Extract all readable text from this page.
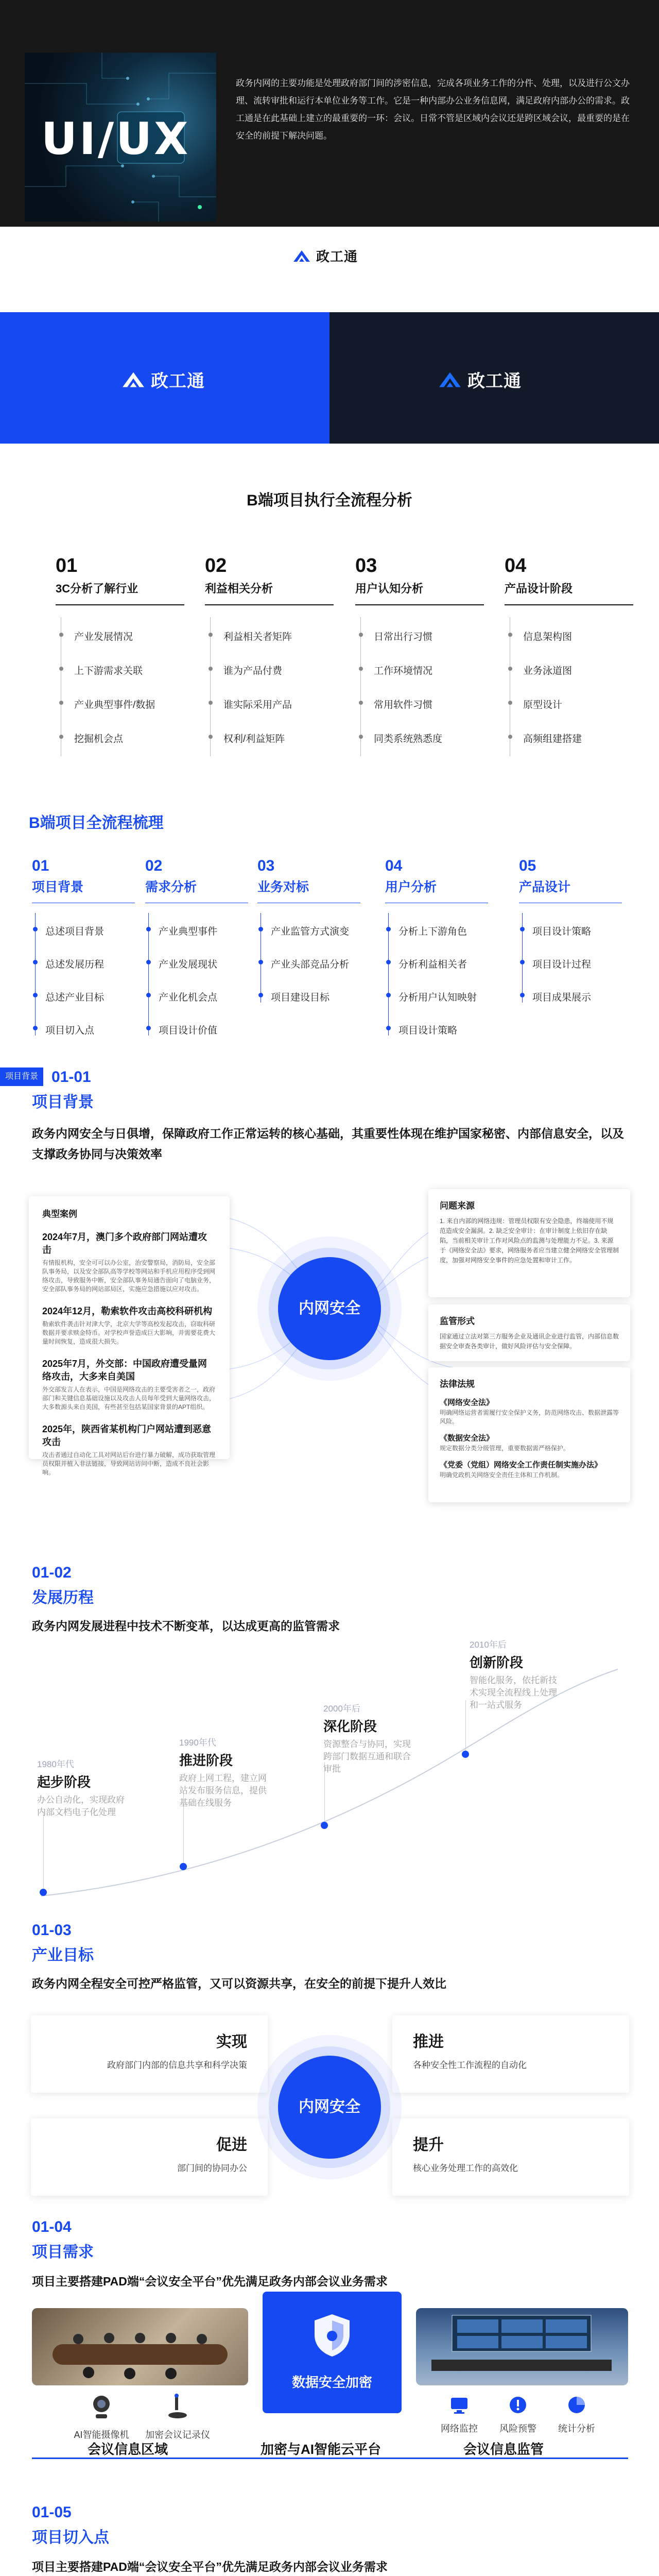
UI/UX

政务内网的主要功能是处理政府部门间的涉密信息，完成各项业务工作的分件、处理，以及进行公文办理、流转审批和运行本单位业务等工作。它是一种内部办公业务信息网，满足政府内部办公的需求。政工通是在此基础上建立的最重要的一环：会议。日常不管是区域内会议还是跨区域会议，最重要的是在安全的前提下解决问题。

政工通
政工通	政工通
B端项目执行全流程分析
01
3C分析了解行业
产业发展情况
上下游需求关联
产业典型事件/数据
挖掘机会点
02
利益相关分析
利益相关者矩阵
谁为产品付费
谁实际采用产品
权利/利益矩阵
03
用户认知分析
日常出行习惯
工作环境情况
常用软件习惯
同类系统熟悉度
04
产品设计阶段
信息架构图
业务泳道图
原型设计
高频组建搭建
B端项目全流程梳理
01
项目背景
总述项目背景
总述发展历程
总述产业目标
项目切入点
02
需求分析
产业典型事件
产业发展现状
产业化机会点
项目设计价值
03
业务对标
产业监管方式演变
产业头部竞品分析
项目建设目标
04
用户分析
分析上下游角色
分析利益相关者
分析用户认知映射
项目设计策略
05
产品设计
项目设计策略
项目设计过程
项目成果展示
项目背景 01-01
项目背景
政务内网安全与日俱增，保障政府工作正常运转的核心基础，其重要性体现在维护国家秘密、内部信息安全，以及支撑政务协同与决策效率
典型案例
2024年7月，澳门多个政府部门网站遭攻击
有情报机构，安全可可以办公室，治安警察局，消防局，安全部队事务局，以及安全部队高等学校等网站和手机应用程序受到网络攻击，导致服务中断，安全部队事务局通告面向了电脑业务，安全部队事务局的网站部局区，实施应急措施以应对攻击。
2024年12月，勒索软件攻击高校科研机构
勒索软件袭击针对津大学，北京大学等高校发起攻击，窃取科研数据并要求赎金特币。对学校声誉造成巨大影响，并需要花费大量时间恢复，造成很大损失。
2025年7月，外交部：中国政府遭受量网络攻击，大多来自美国
外交部发言人在表示，中国是网络攻击的主要受害者之一，政府部门和关键信息基础设施以及攻击人员每年受到大量网络攻击，大多数源头来自美国，有些甚至包括某国家背景的APT组织。
2025年，陕西省某机构门户网站遭到恶意攻击
攻击者通过自动化工具对网站后台进行暴力破解，成功获取管理员权限并植入非法链接，导致网站访问中断，造成不良社会影响。
内网安全
问题来源
1. 来自内部的网络违规：管理员权限有安全隐患，终端使用不规范造成安全漏洞。2. 缺乏安全审计：在审计制度上依旧存在缺陷，当前相关审计工作对风险点的监测与处理能力不足。3. 来源于《网络安全法》要求，网络服务者应当建立健全网络安全管理制度，加强对网络安全事件的应急处置和审计工作。
监管形式
国家通过立法对第三方服务企业及通讯企业进行监管，内部信息数据安全审查各类审计，做好风险评估与安全保障。
法律法规
《网络安全法》
明确网络运营者需履行安全保护义务，防范网络攻击、数据泄露等风险。
《数据安全法》
规定数据分类分级管理，重要数据需严格保护。
《党委（党组）网络安全工作责任制实施办法》
明确党政机关网络安全责任主体和工作机制。
01-02
发展历程
政务内网发展进程中技术不断变革，以达成更高的监管需求
1980年代
起步阶段
办公自动化，实现政府内部文档电子化处理
1990年代
推进阶段
政府上网工程，建立网站发布服务信息，提供基础在线服务
2000年后
深化阶段
资源整合与协同，实现跨部门数据互通和联合审批
2010年后
创新阶段
智能化服务，依托新技术实现全流程线上处理和一站式服务
01-03
产业目标
政务内网全程安全可控严格监管，又可以资源共享，在安全的前提下提升人效比
实现
政府部门内部的信息共享和科学决策
推进
各种安全性工作流程的自动化
促进
部门间的协同办公
提升
核心业务处理工作的高效化
内网安全
01-04
项目需求
项目主要搭建PAD端“会议安全平台”优先满足政务内部会议业务需求
数据安全加密
AI智能摄像机	加密会议记录仪
网络监控	风险预警	统计分析
会议信息区域	加密与AI智能云平台	会议信息监管
01-05
项目切入点
项目主要搭建PAD端“会议安全平台”优先满足政务内部会议业务需求
